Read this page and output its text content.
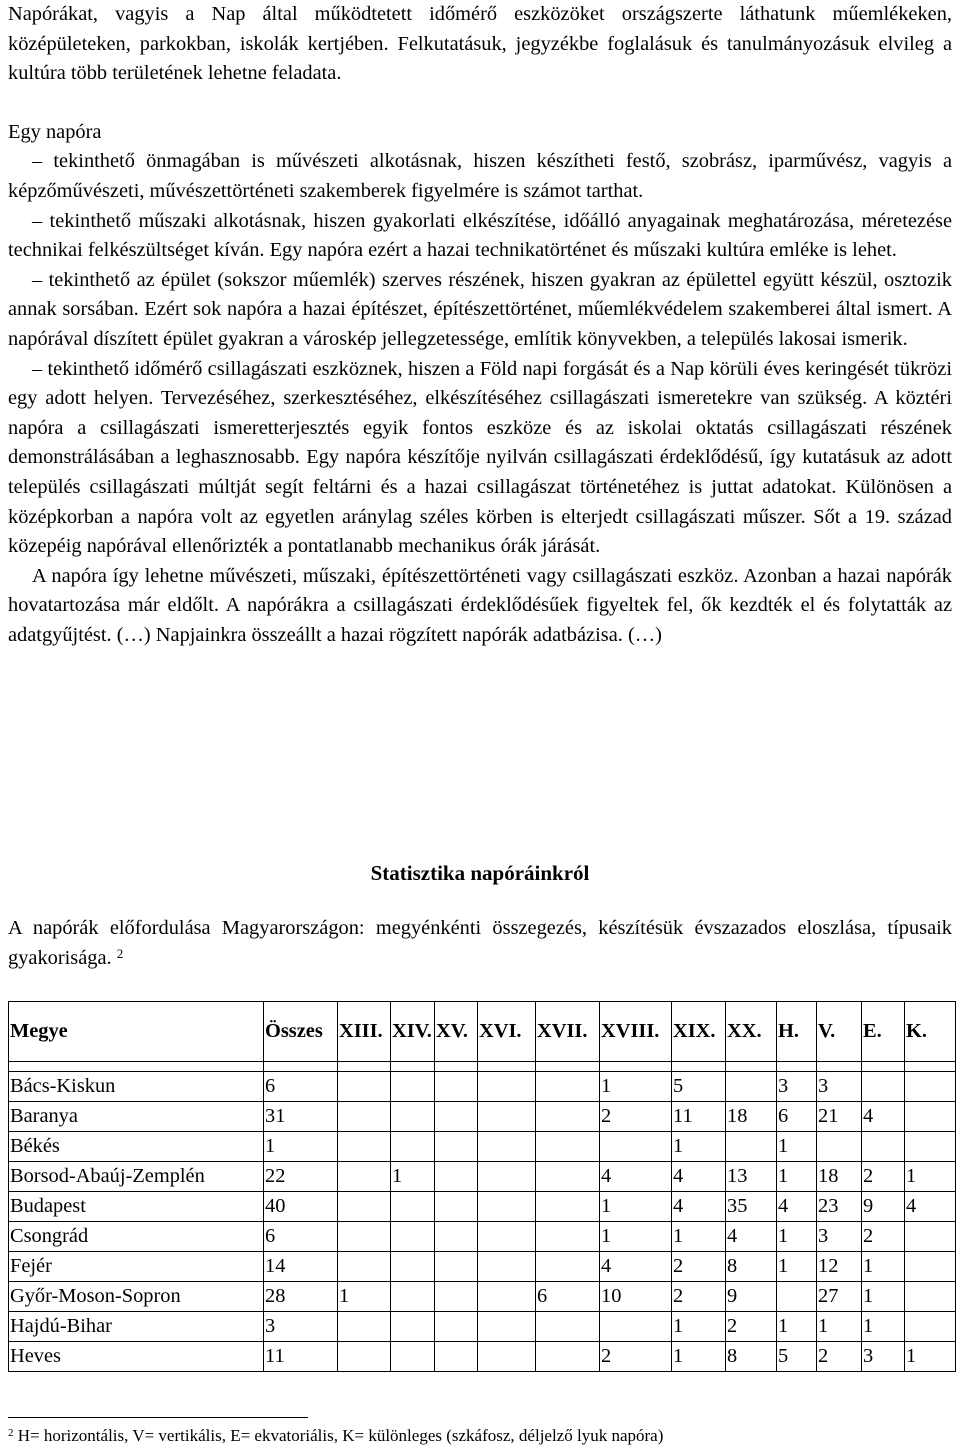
Napórákat, vagyis a Nap által működtetett időmérő eszközöket országszerte láthatunk műemlékeken, középületeken, parkokban, iskolák kertjében. Felkutatásuk, jegyzékbe foglalásuk és tanulmányozásuk elvileg a kultúra több területének lehetne feladata.

Egy napóra

– tekinthető önmagában is művészeti alkotásnak, hiszen készítheti festő, szobrász, iparművész, vagyis a képzőművészeti, művészettörténeti szakemberek figyelmére is számot tarthat.

– tekinthető műszaki alkotásnak, hiszen gyakorlati elkészítése, időálló anyagainak meghatározása, méretezése technikai felkészültséget kíván. Egy napóra ezért a hazai technikatörténet és műszaki kultúra emléke is lehet.

– tekinthető az épület (sokszor műemlék) szerves részének, hiszen gyakran az épülettel együtt készül, osztozik annak sorsában. Ezért sok napóra a hazai építészet, építészettörténet, műemlékvédelem szakemberei által ismert. A napórával díszített épület gyakran a városkép jellegzetessége, említik könyvekben, a település lakosai ismerik.

– tekinthető időmérő csillagászati eszköznek, hiszen a Föld napi forgását és a Nap körüli éves keringését tükrözi egy adott helyen. Tervezéséhez, szerkesztéséhez, elkészítéséhez csillagászati ismeretekre van szükség. A köztéri napóra a csillagászati ismeretterjesztés egyik fontos eszköze és az iskolai oktatás csillagászati részének demonstrálásában a leghasznosabb. Egy napóra készítője nyilván csillagászati érdeklődésű, így kutatásuk az adott település csillagászati múltját segít feltárni és a hazai csillagászat történetéhez is juttat adatokat. Különösen a középkorban a napóra volt az egyetlen aránylag széles körben is elterjedt csillagászati műszer. Sőt a 19. század közepéig napórával ellenőrizték a pontatlanabb mechanikus órák járását.

A napóra így lehetne művészeti, műszaki, építészettörténeti vagy csillagászati eszköz. Azonban a hazai napórák hovatartozása már eldőlt. A napórákra a csillagászati érdeklődésűek figyeltek fel, ők kezdték el és folytatták az adatgyűjtést. (…) Napjainkra összeállt a hazai rögzített napórák adatbázisa. (…)

Statisztika napóráinkról
A napórák előfordulása Magyarországon: megyénkénti összegezés, készítésük évszazados eloszlása, típusaik gyakorisága. $^2$
Megye	Összes	XIII.	XIV.	XV.	XVI.	XVII.	XVIII.	XIX.	XX.	H.	V.	E.	K.

Bács-Kiskun	6						1	5		3	3		
Baranya	31						2	11	18	6	21	4	
Békés	1							1		1			
Borsod-Abaúj-Zemplén	22		1				4	4	13	1	18	2	1
Budapest	40						1	4	35	4	23	9	4
Csongrád	6						1	1	4	1	3	2	
Fejér	14						4	2	8	1	12	1	
Győr-Moson-Sopron	28	1				6	10	2	9		27	1	
Hajdú-Bihar	3							1	2	1	1	1	
Heves	11						2	1	8	5	2	3	1
$^2$ H= horizontális, V= vertikális, E= ekvatoriális, K= különleges (szkáfosz, déljelző lyuk napóra)
